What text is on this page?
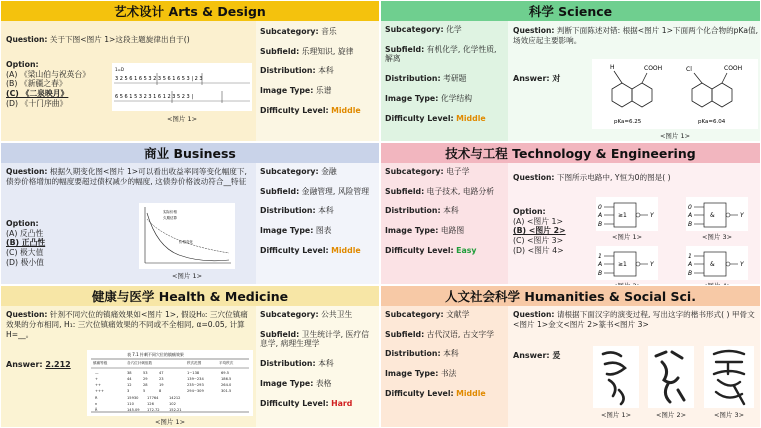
艺术设计 Arts & Design
Question: 关于下图<图片 1>这段主题旋律出自于()
Option:
(A) 《梁山伯与祝英台》
(B) 《新疆之春》
(C) 《二泉映月》
(D) 《十门序曲》
1=D
3 2 5 6 1 6 5 3 2 3 5 6 1 6 5 3 | 2 3
6 5 6 1 5 3 2 3 1 6 1 2 3 5 2 3 |
<图片 1>
Subcategory: 音乐
Subfield: 乐理知识, 旋律
Distribution: 本科
Image Type: 乐谱
Difficulty Level: Middle
科学 Science
Subcategory: 化学
Subfield: 有机化学, 化学性质, 解离
Distribution: 考研题
Image Type: 化学结构
Difficulty Level: Middle
Question: 判断下面陈述对错: 根据<图片 1>下面两个化合物的pKa值, 场效应起主要影响。
Answer: 对
H	COOH	Cl	COOH
pKa=6.25	pKa=6.04
<图片 1>
商业 Business
Question: 根据久期变化图<图片 1>可以看出收益率同等变化幅度下, 债券价格增加的幅度要超过债权减少的幅度, 这债券价格波动符合__特征
Option:
(A) 反凸性
(B) 正凸性
(C) 极大值
(D) 极小值
实际价格
久期估算
价格变化
<图片 1>
Subcategory: 金融
Subfield: 金融管理, 风险管理
Distribution: 本科
Image Type: 图表
Difficulty Level: Middle
技术与工程 Technology & Engineering
Subcategory: 电子学
Subfield: 电子技术, 电路分析
Distribution: 本科
Image Type: 电路图
Difficulty Level: Easy
Question: 下图所示电路中, Y恒为0的图是( )
Option:
(A) <图片 1>
(B) <图片 2>
(C) <图片 3>
(D) <图片 4>
0
A
B
≥1	Y
<图片 1>
1
A
B
≥1	Y
0
A
B
&	Y
<图片 3>
1
A
B
&	Y
健康与医学 Health & Medicine
Question: 针剂不同穴位的镇痛效果如<图片 1>, 假设H₀: 三穴位镇痛效果的分布相同, H₁: 三穴位镇痛效果的不同或不全相同, α=0.05, 计算H=__。
Answer: 2.212
表 7.1 针刺不同穴位的镇痛效果
镇痛等级	各穴位针刺组数	秩次范围	平均秩次
—	38	53	47	1~138	69.5
+	44	29	23	139~234	186.5
++	12	28	19	235~293	264.0
+++	3	5	8	294~309	301.5
R	15930 17764	14212
n	110	126	102
R̄	145.09 172.72	152.21
<图片 1>
Subcategory: 公共卫生
Subfield: 卫生统计学, 医疗信息学, 病理生理学
Distribution: 本科
Image Type: 表格
Difficulty Level: Hard
人文社会科学 Humanities & Social Sci.
Subcategory: 文献学
Subfield: 古代汉语, 古文字学
Distribution: 本科
Image Type: 书法
Difficulty Level: Middle
Question: 请根据下面汉字的演变过程, 写出这字的楷书形式( ) 甲骨文<图片 1>金文<图片 2>篆书<图片 3>
Answer: 爰
<图片 1>	<图片 2>	<图片 3>
